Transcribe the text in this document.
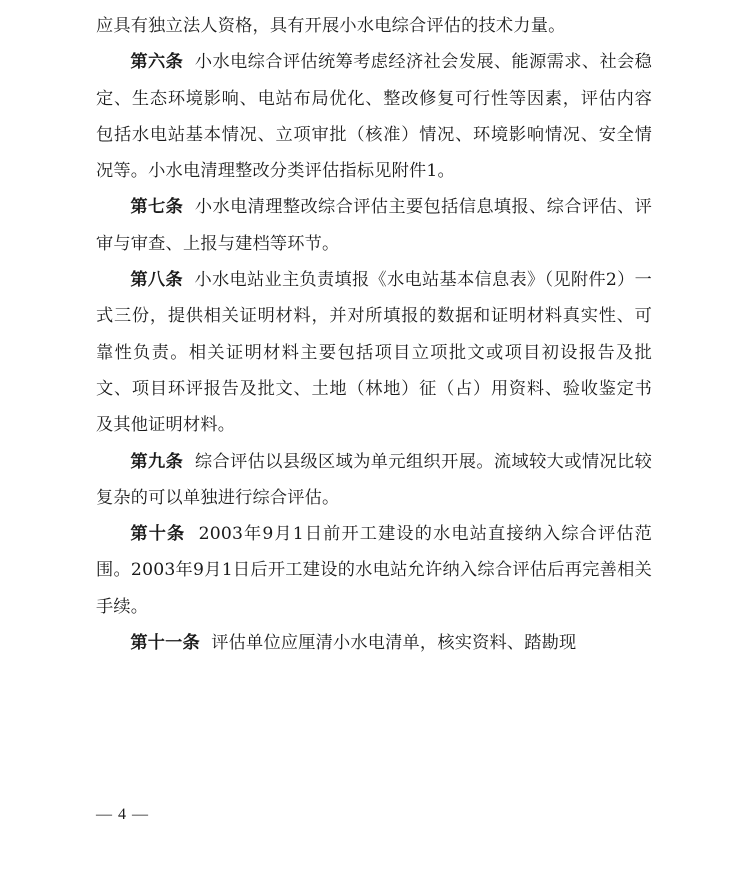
应具有独立法人资格，具有开展小水电综合评估的技术力量。

第六条 小水电综合评估统筹考虑经济社会发展、能源需求、社会稳定、生态环境影响、电站布局优化、整改修复可行性等因素，评估内容包括水电站基本情况、立项审批（核准）情况、环境影响情况、安全情况等。小水电清理整改分类评估指标见附件1。

第七条 小水电清理整改综合评估主要包括信息填报、综合评估、评审与审查、上报与建档等环节。

第八条 小水电站业主负责填报《水电站基本信息表》（见附件2）一式三份，提供相关证明材料，并对所填报的数据和证明材料真实性、可靠性负责。相关证明材料主要包括项目立项批文或项目初设报告及批文、项目环评报告及批文、土地（林地）征（占）用资料、验收鉴定书及其他证明材料。

第九条 综合评估以县级区域为单元组织开展。流域较大或情况比较复杂的可以单独进行综合评估。

第十条 2003年9月1日前开工建设的水电站直接纳入综合评估范围。2003年9月1日后开工建设的水电站允许纳入综合评估后再完善相关手续。

第十一条 评估单位应厘清小水电清单，核实资料、踏勘现

— 4 —
